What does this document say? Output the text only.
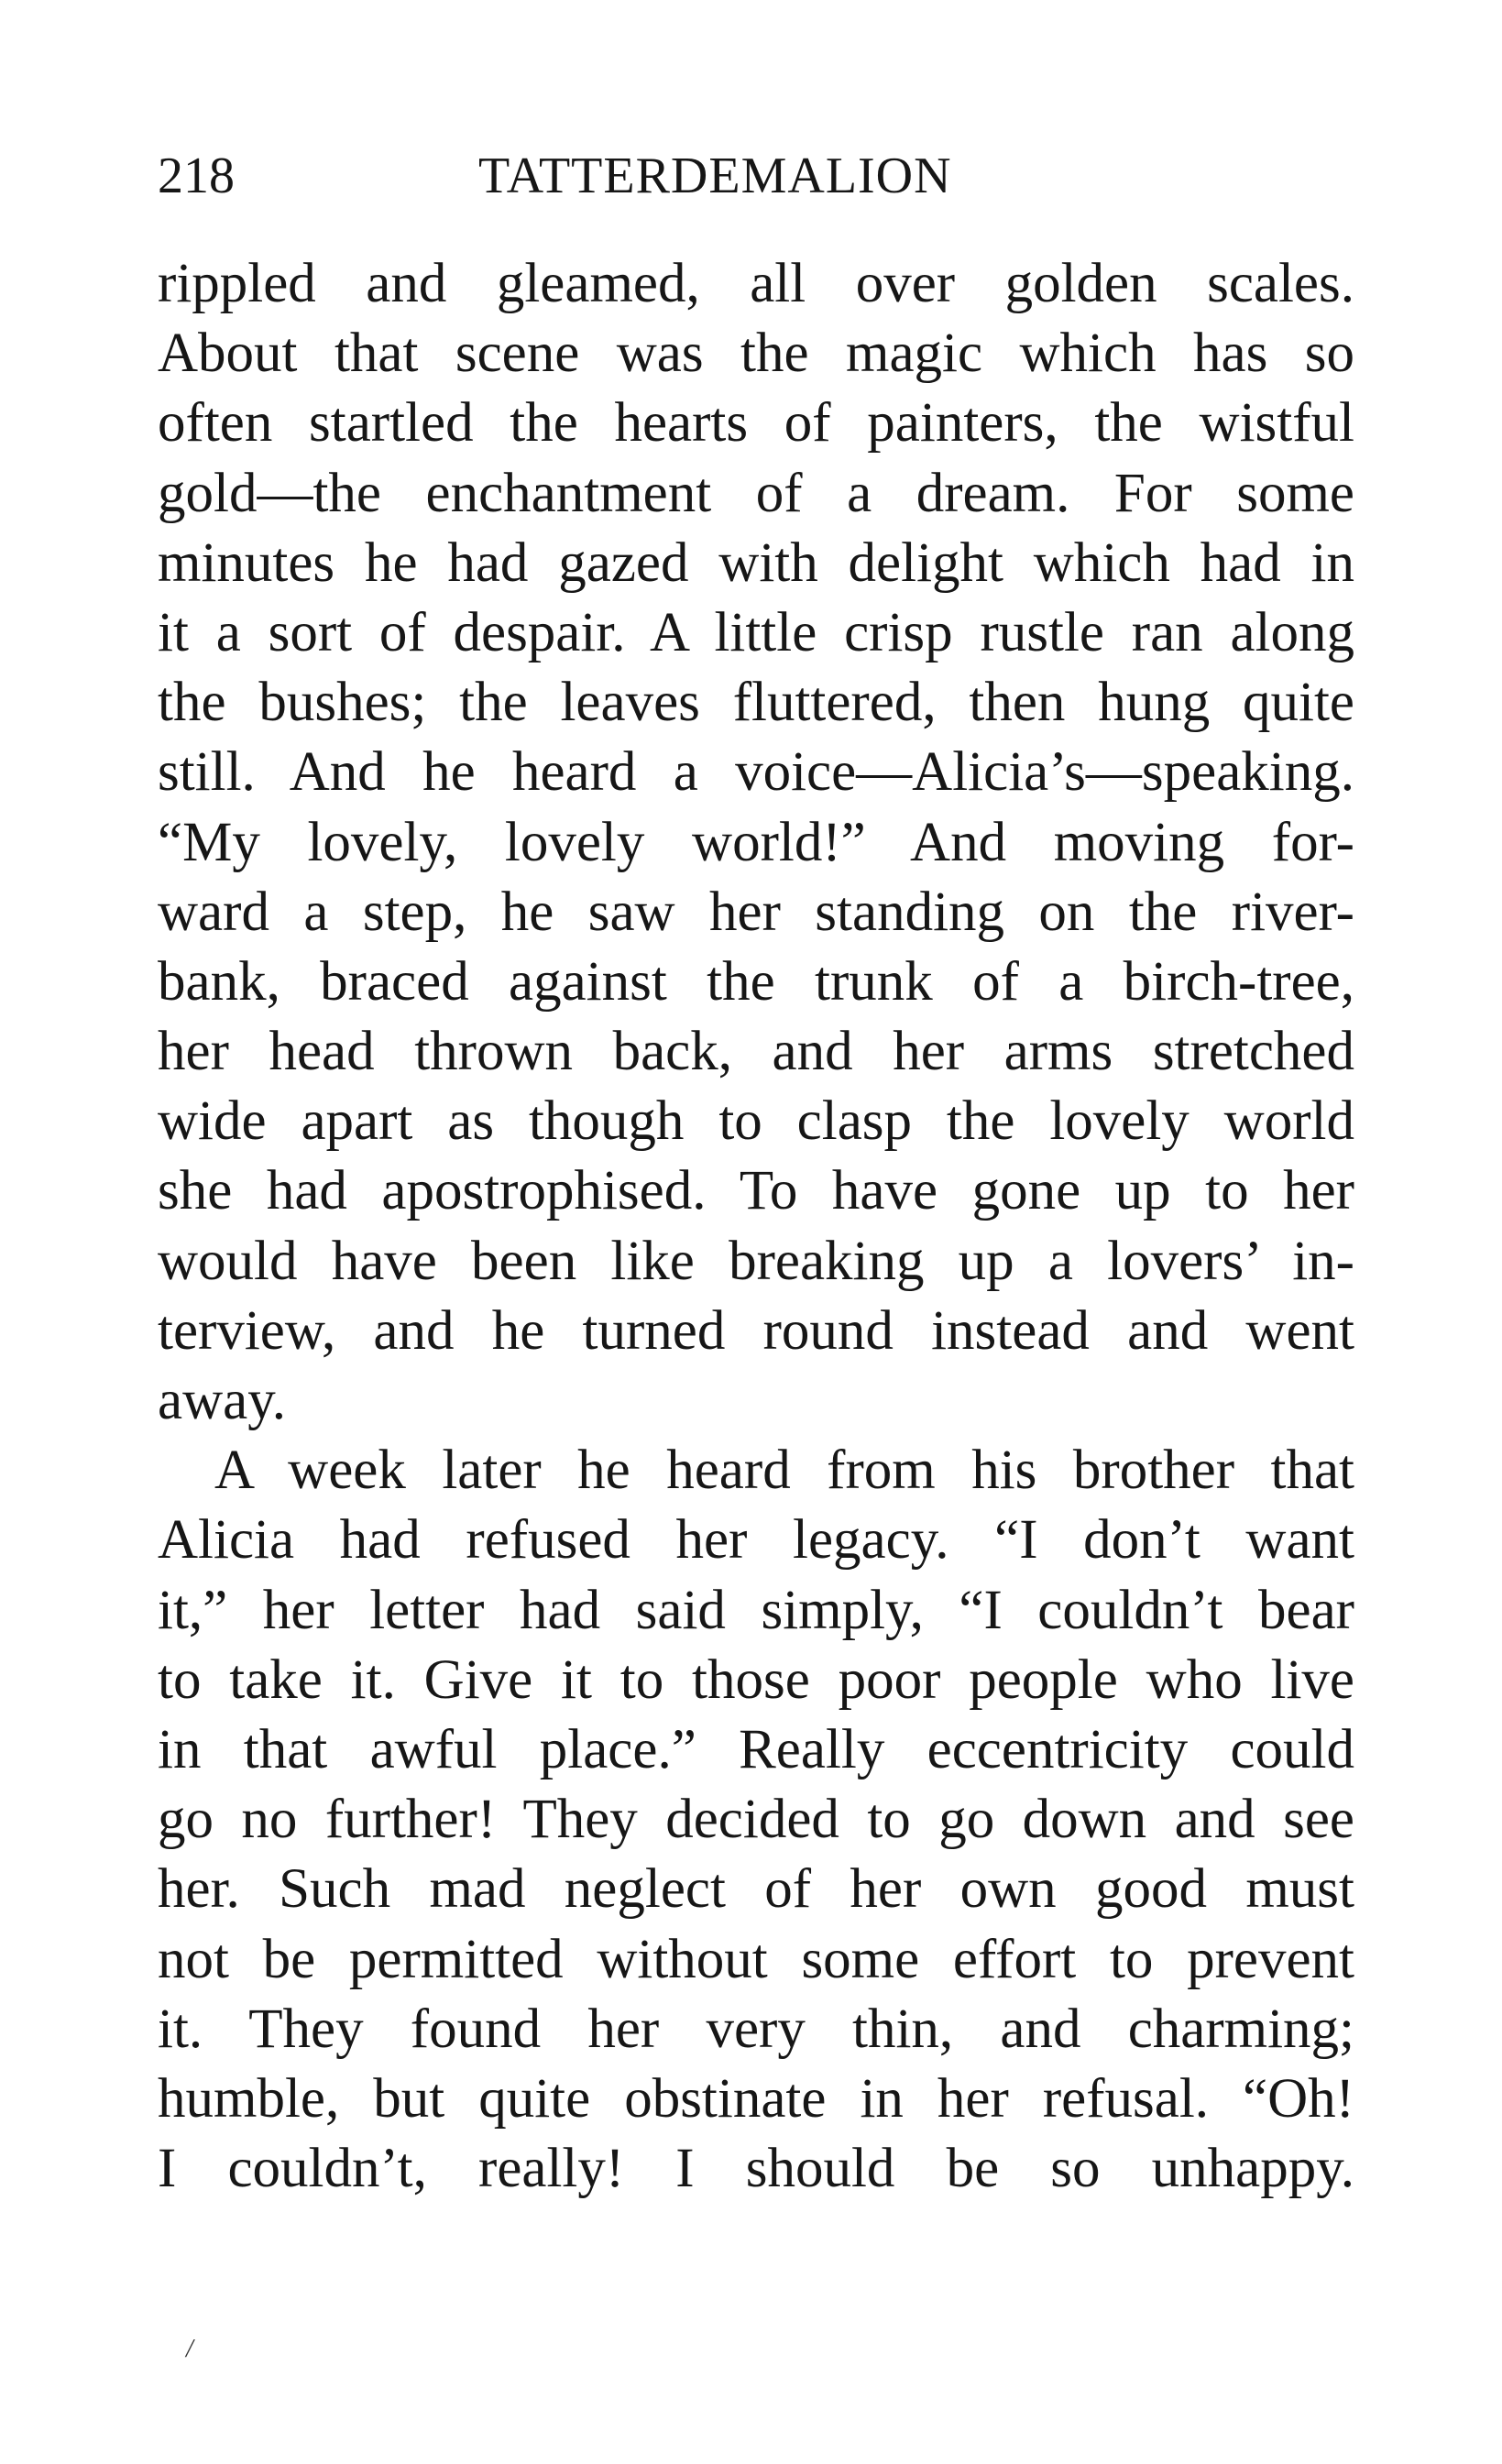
218	TATTERDEMALION
rippled and gleamed, all over golden scales.
About that scene was the magic which has so
often startled the hearts of painters, the wistful
gold—the enchantment of a dream. For some
minutes he had gazed with delight which had in
it a sort of despair. A little crisp rustle ran along
the bushes; the leaves fluttered, then hung quite
still. And he heard a voice—Alicia’s—speaking.
“My lovely, lovely world!” And moving for-
ward a step, he saw her standing on the river-
bank, braced against the trunk of a birch-tree,
her head thrown back, and her arms stretched
wide apart as though to clasp the lovely world
she had apostrophised. To have gone up to her
would have been like breaking up a lovers’ in-
terview, and he turned round instead and went
away.
A week later he heard from his brother that
Alicia had refused her legacy. “I don’t want
it,” her letter had said simply, “I couldn’t bear
to take it. Give it to those poor people who live
in that awful place.” Really eccentricity could
go no further! They decided to go down and see
her. Such mad neglect of her own good must
not be permitted without some effort to prevent
it. They found her very thin, and charming;
humble, but quite obstinate in her refusal. “Oh!
I couldn’t, really! I should be so unhappy.
/
